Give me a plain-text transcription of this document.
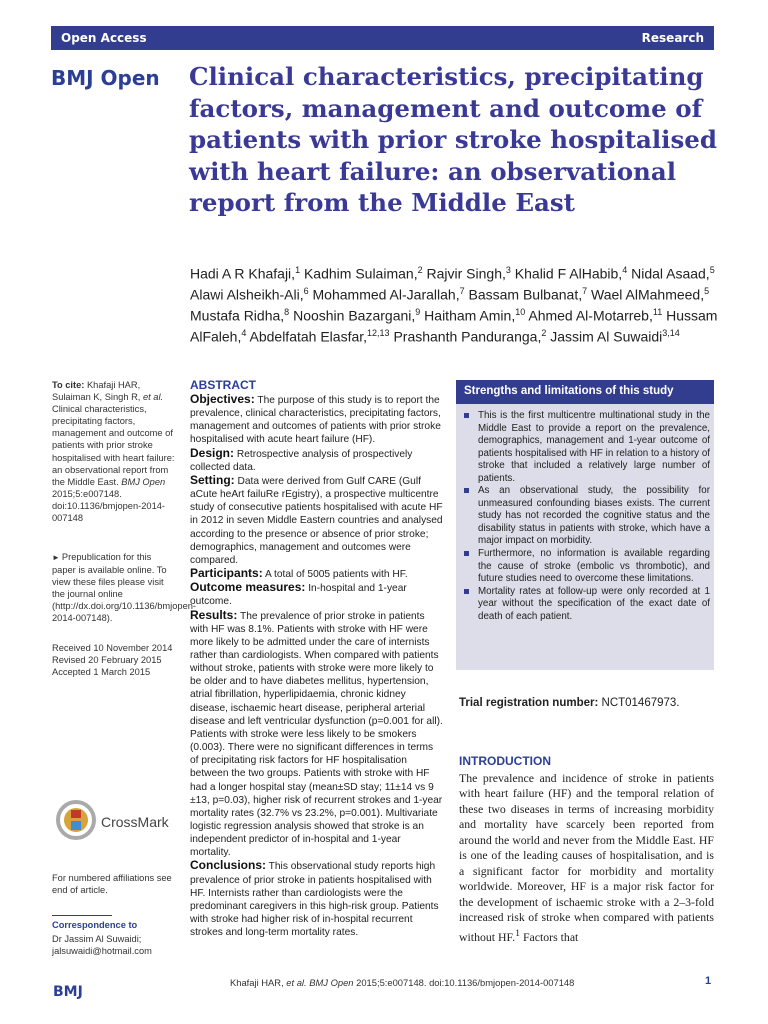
Open Access	Research
BMJ Open Clinical characteristics, precipitating factors, management and outcome of patients with prior stroke hospitalised with heart failure: an observational report from the Middle East

Hadi A R Khafaji,$^1$ Kadhim Sulaiman,$^2$ Rajvir Singh,$^3$ Khalid F AlHabib,$^4$ Nidal Asaad,$^5$ Alawi Alsheikh-Ali,$^6$ Mohammed Al-Jarallah,$^7$ Bassam Bulbanat,$^7$ Wael AlMahmeed,$^5$ Mustafa Ridha,$^8$ Nooshin Bazargani,$^9$ Haitham Amin,$^{10}$ Ahmed Al-Motarreb,$^{11}$ Hussam AlFaleh,$^4$ Abdelfatah Elasfar,$^{12,13}$ Prashanth Panduranga,$^2$ Jassim Al Suwaidi$^{3,14}$

To cite: Khafaji HAR, Sulaiman K, Singh R, et al. Clinical characteristics, precipitating factors, management and outcome of patients with prior stroke hospitalised with heart failure: an observational report from the Middle East. BMJ Open 2015;5:e007148. doi:10.1136/bmjopen-2014-007148

► Prepublication for this paper is available online. To view these files please visit the journal online (http://dx.doi.org/10.1136/bmjopen-2014-007148).

Received 10 November 2014
Revised 20 February 2015
Accepted 1 March 2015

CrossMark

For numbered affiliations see end of article.

Correspondence to

Dr Jassim Al Suwaidi;
jalsuwaidi@hotmail.com

ABSTRACT

Objectives: The purpose of this study is to report the prevalence, clinical characteristics, precipitating factors, management and outcomes of patients with prior stroke hospitalised with acute heart failure (HF).

Design: Retrospective analysis of prospectively collected data.

Setting: Data were derived from Gulf CARE (Gulf aCute heArt failuRe rEgistry), a prospective multicentre study of consecutive patients hospitalised with acute HF in 2012 in seven Middle Eastern countries and analysed according to the presence or absence of prior stroke; demographics, management and outcomes were compared.

Participants: A total of 5005 patients with HF.

Outcome measures: In-hospital and 1-year outcome.

Results: The prevalence of prior stroke in patients with HF was 8.1%. Patients with stroke with HF were more likely to be admitted under the care of internists rather than cardiologists. When compared with patients without stroke, patients with stroke were more likely to be older and to have diabetes mellitus, hypertension, atrial fibrillation, hyperlipidaemia, chronic kidney disease, ischaemic heart disease, peripheral arterial disease and left ventricular dysfunction (p=0.001 for all). Patients with stroke were less likely to be smokers (0.003). There were no significant differences in terms of precipitating risk factors for HF hospitalisation between the two groups. Patients with stroke with HF had a longer hospital stay (mean±SD stay; 11±14 vs 9 ±13, p=0.03), higher risk of recurrent strokes and 1-year mortality rates (32.7% vs 23.2%, p=0.001). Multivariate logistic regression analysis showed that stroke is an independent predictor of in-hospital and 1-year mortality.

Conclusions: This observational study reports high prevalence of prior stroke in patients hospitalised with HF. Internists rather than cardiologists were the predominant caregivers in this high-risk group. Patients with stroke had higher risk of in-hospital recurrent strokes and long-term mortality rates.

Strengths and limitations of this study
This is the first multicentre multinational study in the Middle East to provide a report on the prevalence, demographics, management and 1-year outcome of patients hospitalised with HF in relation to a history of stroke that included a relatively large number of patients.
As an observational study, the possibility for unmeasured confounding biases exists. The current study has not recorded the cognitive status and the disability status in patients with stroke, which have a major impact on morbidity.
Furthermore, no information is available regarding the cause of stroke (embolic vs thrombotic), and future studies need to overcome these limitations.
Mortality rates at follow-up were only recorded at 1 year without the specification of the exact date of death of each patient.
Trial registration number: NCT01467973.
INTRODUCTION

The prevalence and incidence of stroke in patients with heart failure (HF) and the temporal relation of these two diseases in terms of increasing morbidity and mortality have scarcely been reported from around the world and never from the Middle East. HF is one of the leading causes of hospitalisation, and is a significant factor for morbidity and mortality worldwide. Moreover, HF is a major risk factor for the development of ischaemic stroke with a 2–3-fold increased risk of stroke when compared with patients without HF.$^1$ Factors that

BMJ
Khafaji HAR, et al. BMJ Open 2015;5:e007148. doi:10.1136/bmjopen-2014-007148	1
